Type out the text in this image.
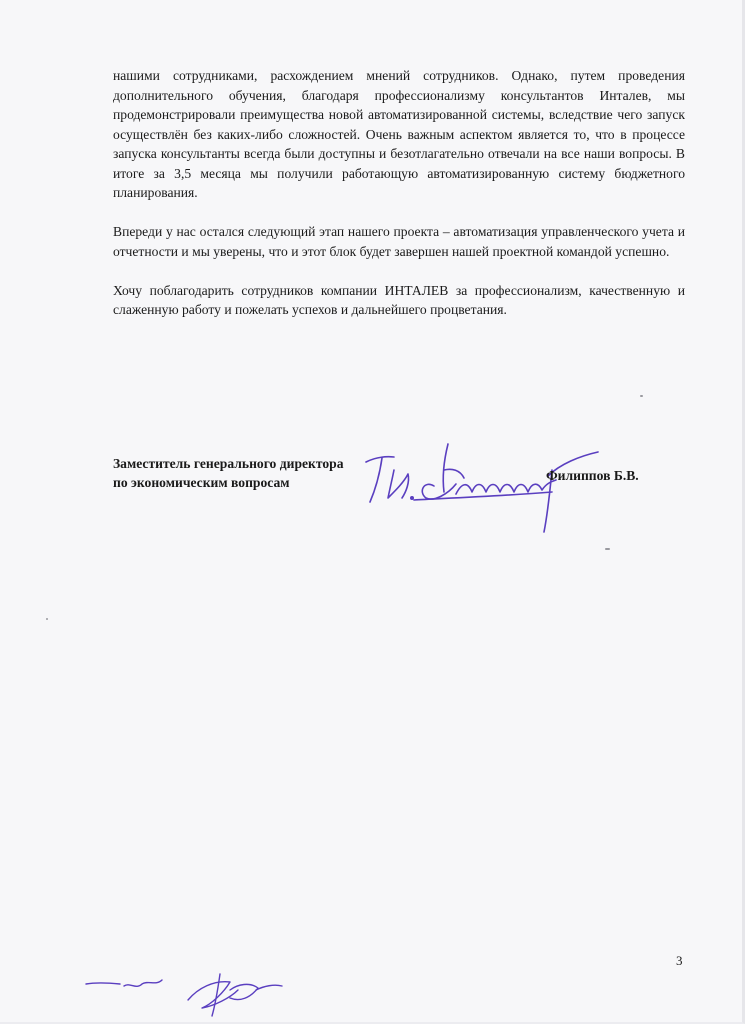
нашими сотрудниками, расхождением мнений сотрудников. Однако, путем проведения дополнительного обучения, благодаря профессионализму консультантов Инталев, мы продемонстрировали преимущества новой автоматизированной системы, вследствие чего запуск осуществлён без каких-либо сложностей. Очень важным аспектом является то, что в процессе запуска консультанты всегда были доступны и безотлагательно отвечали на все наши вопросы. В итоге за 3,5 месяца мы получили работающую автоматизированную систему бюджетного планирования.

Впереди у нас остался следующий этап нашего проекта – автоматизация управленческого учета и отчетности и мы уверены, что и этот блок будет завершен нашей проектной командой успешно.

Хочу поблагодарить сотрудников компании ИНТАЛЕВ за профессионализм, качественную и слаженную работу и пожелать успехов и дальнейшего процветания.

Заместитель генерального директора
по экономическим вопросам	Филиппов Б.В.
3
